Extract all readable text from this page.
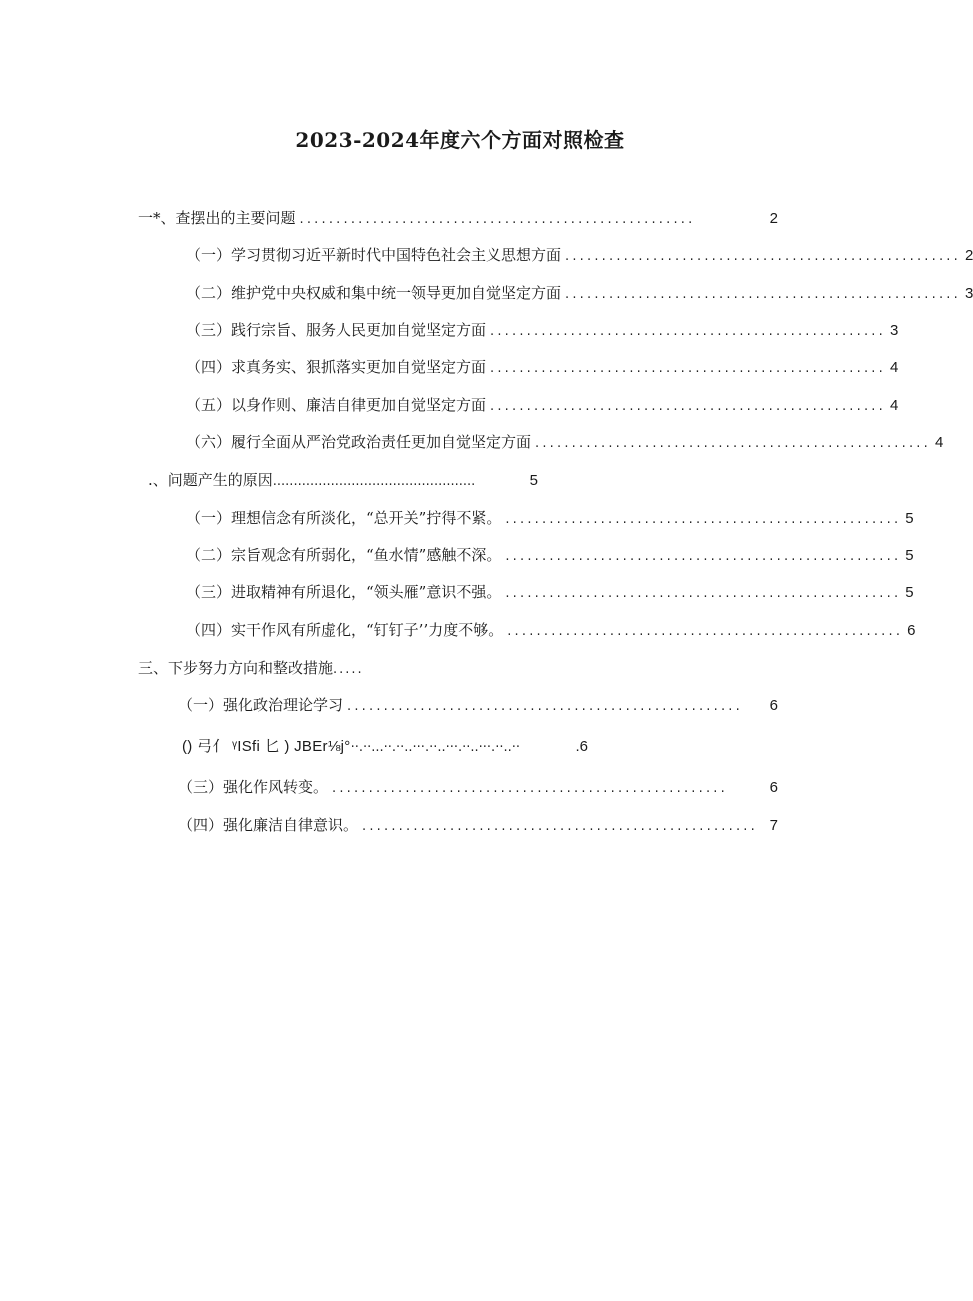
2023-2024年度六个方面对照检查
一*、查摆出的主要问题 ......................................................	2
（一）学习贯彻习近平新时代中国特色社会主义思想方面 ...................................................... 2
（二）维护党中央权威和集中统一领导更加自觉坚定方面 ...................................................... 3
（三）践行宗旨、服务人民更加自觉坚定方面 ...................................................... 3
（四）求真务实、狠抓落实更加自觉坚定方面 ...................................................... 4
（五）以身作则、廉洁自律更加自觉坚定方面 ...................................................... 4
（六）履行全面从严治党政治责任更加自觉坚定方面 ...................................................... 4
.、问题产生的原因 .................................................	5
（一）理想信念有所淡化，“总开关”拧得不紧。 ...................................................... 5
（二）宗旨观念有所弱化，“鱼水情”感触不深。 ...................................................... 5
（三）进取精神有所退化，“领头雁”意识不强。 ...................................................... 5
（四）实干作风有所虚化，“钉钉子’’力度不够。 ...................................................... 6
三、下步努力方向和整改措施 .....
（一）强化政治理论学习 ......................................................	6
() 弓亻 ᵞISfi 匕 ) JBEr⅛j° ··.··...··.··..···.··..···.··..···.··..··	.6
（三）强化作风转变。 ......................................................	6
（四）强化廉洁自律意识。 ...................................................... 7
